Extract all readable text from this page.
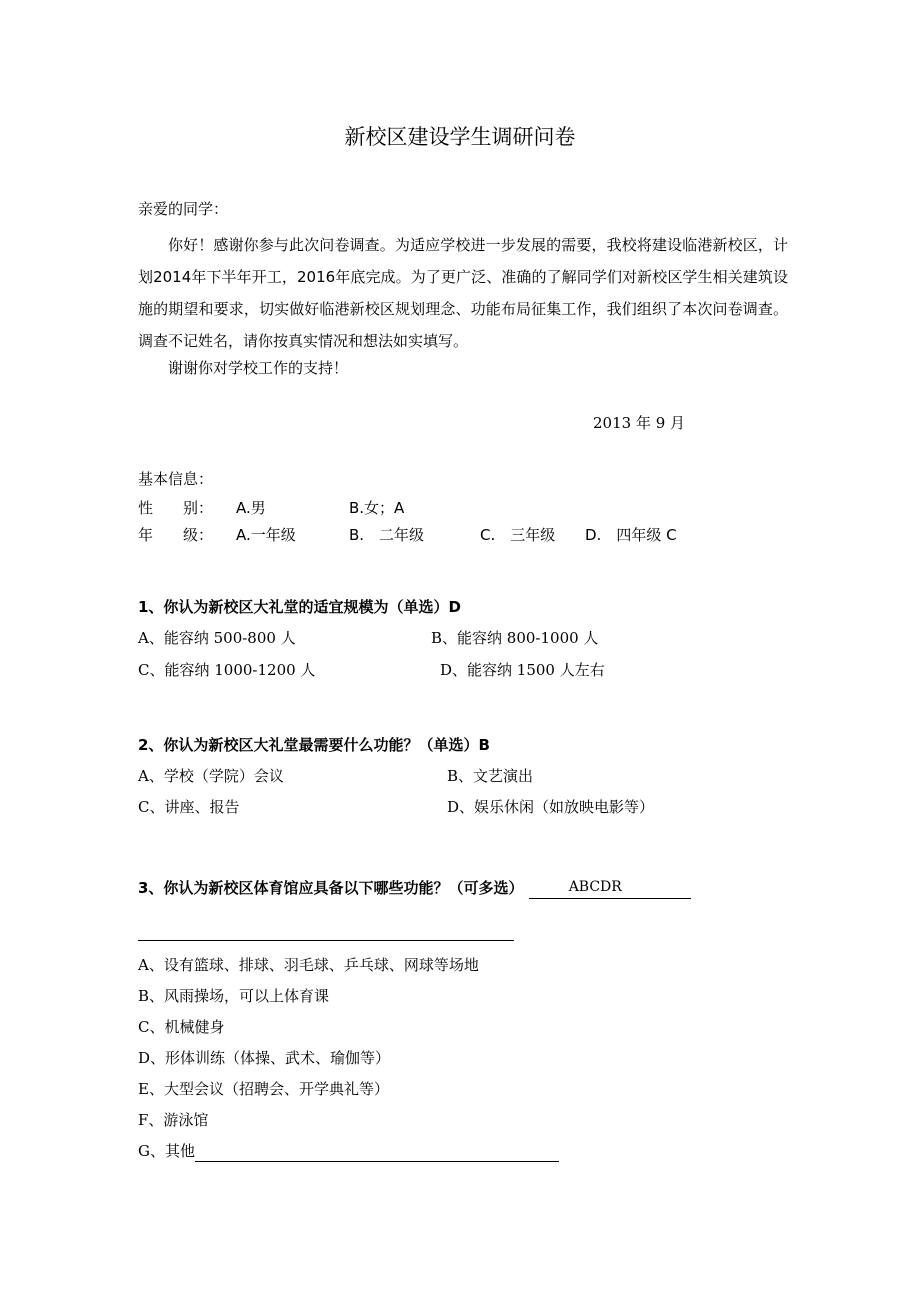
新校区建设学生调研问卷
亲爱的同学：
你好！感谢你参与此次问卷调查。为适应学校进一步发展的需要，我校将建设临港新校区，计划2014年下半年开工，2016年底完成。为了更广泛、准确的了解同学们对新校区学生相关建筑设施的期望和要求，切实做好临港新校区规划理念、功能布局征集工作，我们组织了本次问卷调查。调查不记姓名，请你按真实情况和想法如实填写。
谢谢你对学校工作的支持！
2013 年 9 月
基本信息：
性　　别： A.男	B.女；A
年　　级： A.一年级	B.　二年级	C.　三年级 D.　四年级 C
1、你认为新校区大礼堂的适宜规模为（单选）D
A、能容纳 500-800 人	B、能容纳 800-1000 人
C、能容纳 1000-1200 人	D、能容纳 1500 人左右
2、你认为新校区大礼堂最需要什么功能？（单选）B
A、学校（学院）会议	B、文艺演出
C、讲座、报告	D、娱乐休闲（如放映电影等）
3、你认为新校区体育馆应具备以下哪些功能？（可多选）	ABCDR
A、设有篮球、排球、羽毛球、乒乓球、网球等场地
B、风雨操场，可以上体育课
C、机械健身
D、形体训练（体操、武术、瑜伽等）
E、大型会议（招聘会、开学典礼等）
F、游泳馆
G、其他
